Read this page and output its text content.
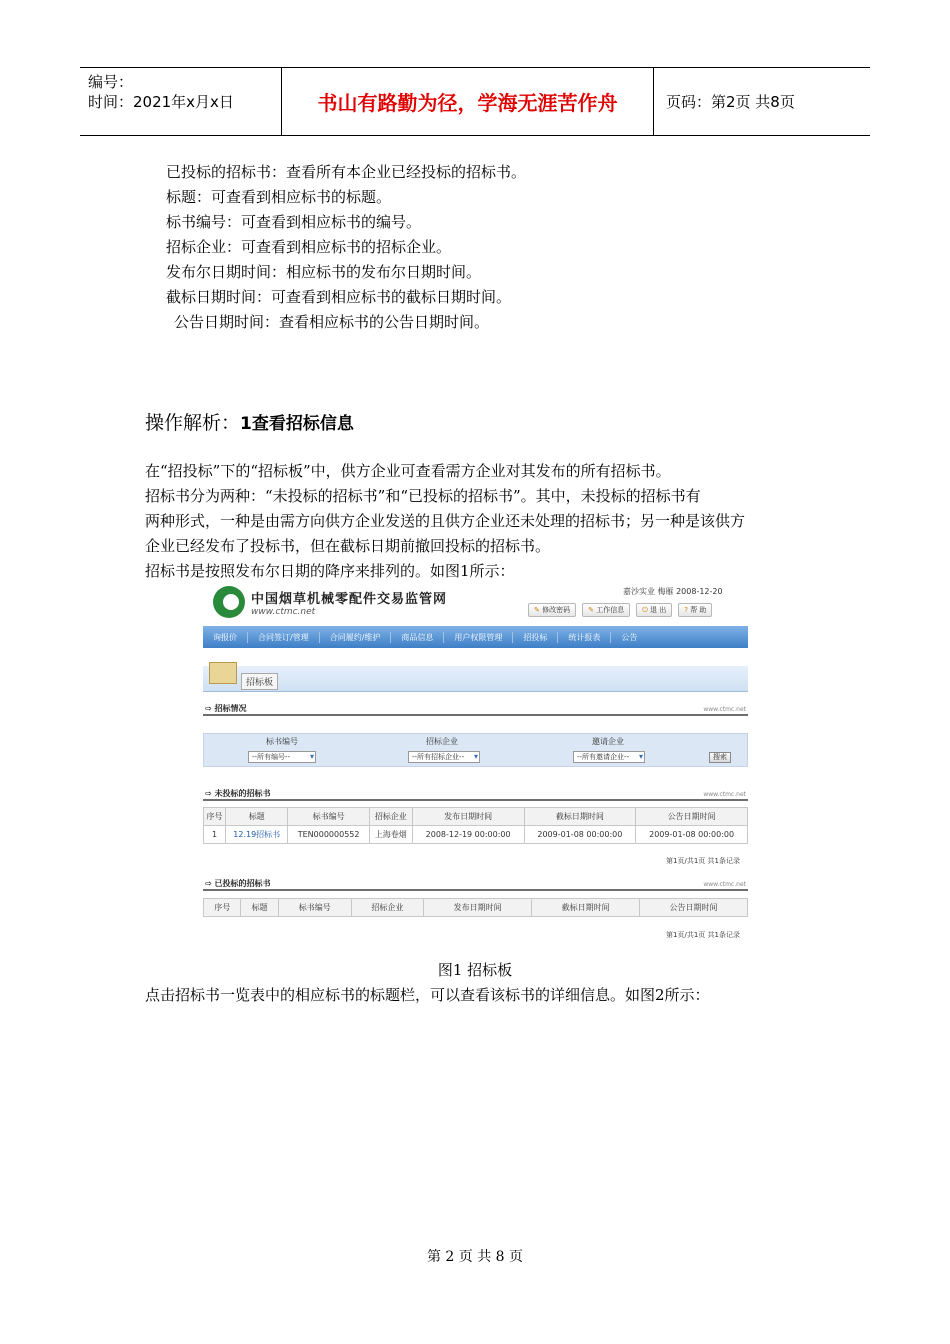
编号：
时间：2021年x月x日	书山有路勤为径，学海无涯苦作舟	页码：第2页 共8页
已投标的招标书：查看所有本企业已经投标的招标书。
标题：可查看到相应标书的标题。
标书编号：可查看到相应标书的编号。
招标企业：可查看到相应标书的招标企业。
发布尔日期时间：相应标书的发布尔日期时间。
截标日期时间：可查看到相应标书的截标日期时间。
公告日期时间：查看相应标书的公告日期时间。
操作解析：1查看招标信息
在“招投标”下的“招标板”中，供方企业可查看需方企业对其发布的所有招标书。
招标书分为两种：“未投标的招标书”和“已投标的招标书”。其中，未投标的招标书有
两种形式，一种是由需方向供方企业发送的且供方企业还未处理的招标书；另一种是该供方
企业已经发布了投标书，但在截标日期前撤回投标的招标书。
招标书是按照发布尔日期的降序来排列的。如图1所示：
中国烟草机械零配件交易监管网
www.ctmc.net
嘉沙实业 梅雁 2008-12-20
✎ 修改密码	✎ 工作信息	⏻ 退 出	? 帮 助
询报价	合同签订/管理	合同履约/维护	商品信息	用户权限管理	招投标	统计报表	公告
招标板
⇨ 招标情况	www.ctmc.net
标书编号	招标企业	邀请企业
--所有编号-- ▾	--所有招标企业-- ▾	--所有邀请企业-- ▾	搜索
⇨ 未投标的招标书	www.ctmc.net
序号	标题	标书编号	招标企业	发布日期时间	截标日期时间	公告日期时间
1	12.19招标书	TEN000000552	上海卷烟	2008-12-19 00:00:00	2009-01-08 00:00:00	2009-01-08 00:00:00
第1页/共1页 共1条记录
⇨ 已投标的招标书	www.ctmc.net
序号	标题	标书编号	招标企业	发布日期时间	截标日期时间	公告日期时间
第1页/共1页 共1条记录
图1 招标板
点击招标书一览表中的相应标书的标题栏，可以查看该标书的详细信息。如图2所示：
第 2 页 共 8 页
